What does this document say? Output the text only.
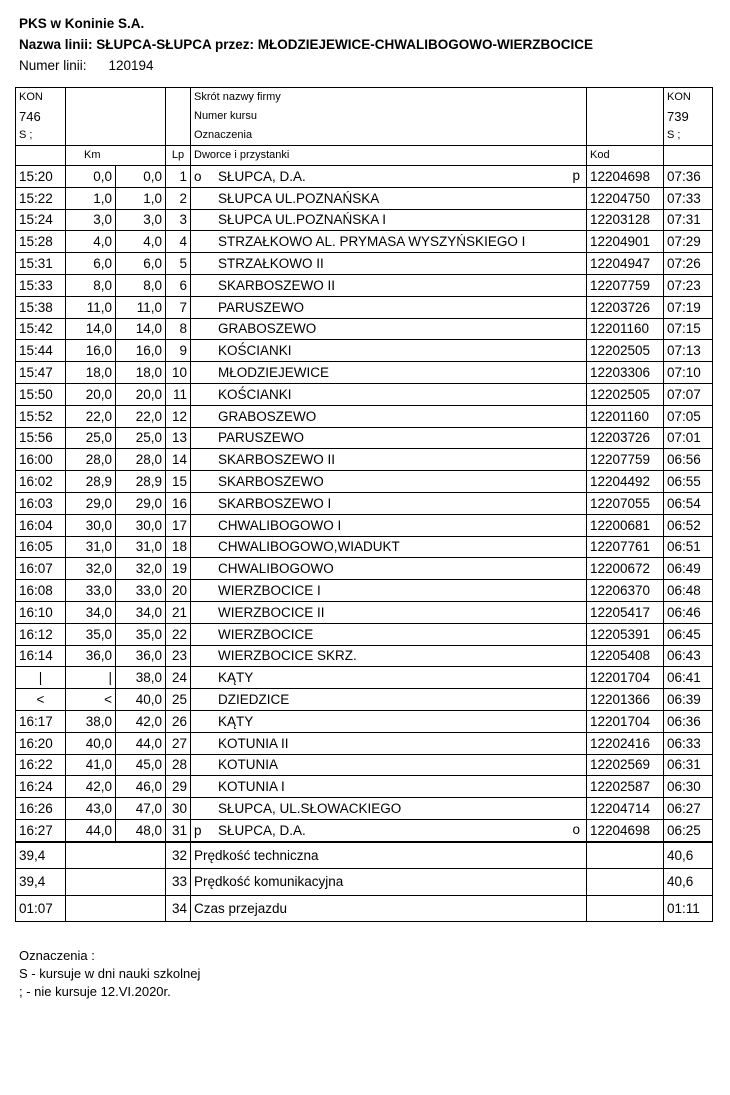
PKS w Koninie S.A.
Nazwa linii: SŁUPCA-SŁUPCA przez: MŁODZIEJEWICE-CHWALIBOGOWO-WIERZBOCICE
Numer linii: 120194
KON				Skrót nazwy firmy		KON
746				Numer kursu		739
S ;				Oznaczenia		S ;
	Km		Lp	Dworce i przystanki	Kod	
15:20	0,0	0,0	1	o SŁUPCA, D.A. p	12204698	07:36
15:22	1,0	1,0	2	SŁUPCA UL.POZNAŃSKA	12204750	07:33
15:24	3,0	3,0	3	SŁUPCA UL.POZNAŃSKA I	12203128	07:31
15:28	4,0	4,0	4	STRZAŁKOWO AL. PRYMASA WYSZYŃSKIEGO I	12204901	07:29
15:31	6,0	6,0	5	STRZAŁKOWO II	12204947	07:26
15:33	8,0	8,0	6	SKARBOSZEWO II	12207759	07:23
15:38	11,0	11,0	7	PARUSZEWO	12203726	07:19
15:42	14,0	14,0	8	GRABOSZEWO	12201160	07:15
15:44	16,0	16,0	9	KOŚCIANKI	12202505	07:13
15:47	18,0	18,0	10	MŁODZIEJEWICE	12203306	07:10
15:50	20,0	20,0	11	KOŚCIANKI	12202505	07:07
15:52	22,0	22,0	12	GRABOSZEWO	12201160	07:05
15:56	25,0	25,0	13	PARUSZEWO	12203726	07:01
16:00	28,0	28,0	14	SKARBOSZEWO II	12207759	06:56
16:02	28,9	28,9	15	SKARBOSZEWO	12204492	06:55
16:03	29,0	29,0	16	SKARBOSZEWO I	12207055	06:54
16:04	30,0	30,0	17	CHWALIBOGOWO I	12200681	06:52
16:05	31,0	31,0	18	CHWALIBOGOWO,WIADUKT	12207761	06:51
16:07	32,0	32,0	19	CHWALIBOGOWO	12200672	06:49
16:08	33,0	33,0	20	WIERZBOCICE I	12206370	06:48
16:10	34,0	34,0	21	WIERZBOCICE II	12205417	06:46
16:12	35,0	35,0	22	WIERZBOCICE	12205391	06:45
16:14	36,0	36,0	23	WIERZBOCICE SKRZ.	12205408	06:43
|	|	38,0	24	KĄTY	12201704	06:41
<	<	40,0	25	DZIEDZICE	12201366	06:39
16:17	38,0	42,0	26	KĄTY	12201704	06:36
16:20	40,0	44,0	27	KOTUNIA II	12202416	06:33
16:22	41,0	45,0	28	KOTUNIA	12202569	06:31
16:24	42,0	46,0	29	KOTUNIA I	12202587	06:30
16:26	43,0	47,0	30	SŁUPCA, UL.SŁOWACKIEGO	12204714	06:27
16:27	44,0	48,0	31	p SŁUPCA, D.A. o	12204698	06:25
39,4			32	Prędkość techniczna		40,6
39,4			33	Prędkość komunikacyjna		40,6
01:07			34	Czas przejazdu		01:11
Oznaczenia :
S - kursuje w dni nauki szkolnej
; - nie kursuje 12.VI.2020r.
